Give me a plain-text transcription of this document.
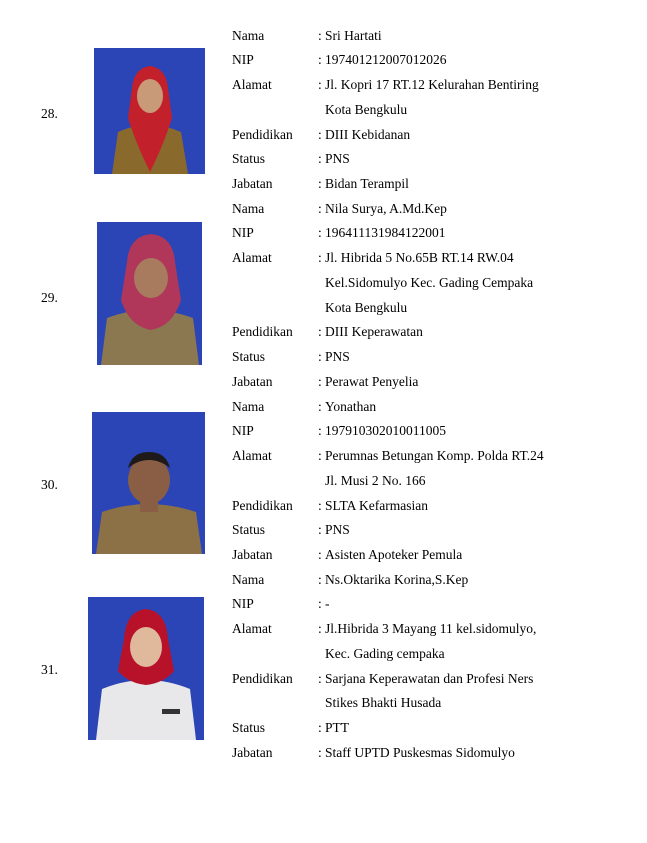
28.
Nama	: Sri Hartati
NIP	: 197401212007012026
Alamat	: Jl. Kopri 17 RT.12 Kelurahan Bentiring
Kota Bengkulu
Pendidikan : DIII Kebidanan
Status	: PNS
Jabatan	: Bidan Terampil
29.
Nama	: Nila Surya, A.Md.Kep
NIP	: 196411131984122001
Alamat	: Jl. Hibrida 5 No.65B RT.14 RW.04
Kel.Sidomulyo Kec. Gading Cempaka
Kota Bengkulu
Pendidikan : DIII Keperawatan
Status	: PNS
Jabatan	: Perawat Penyelia
30.
Nama	: Yonathan
NIP	: 197910302010011005
Alamat	: Perumnas Betungan Komp. Polda RT.24
Jl. Musi 2 No. 166
Pendidikan : SLTA Kefarmasian
Status	: PNS
Jabatan	: Asisten Apoteker Pemula
31.
Nama	: Ns.Oktarika Korina,S.Kep
NIP	: -
Alamat	: Jl.Hibrida 3 Mayang 11 kel.sidomulyo,
Kec. Gading cempaka
Pendidikan : Sarjana Keperawatan dan Profesi Ners
Stikes Bhakti Husada
Status	: PTT
Jabatan	: Staff UPTD Puskesmas Sidomulyo
